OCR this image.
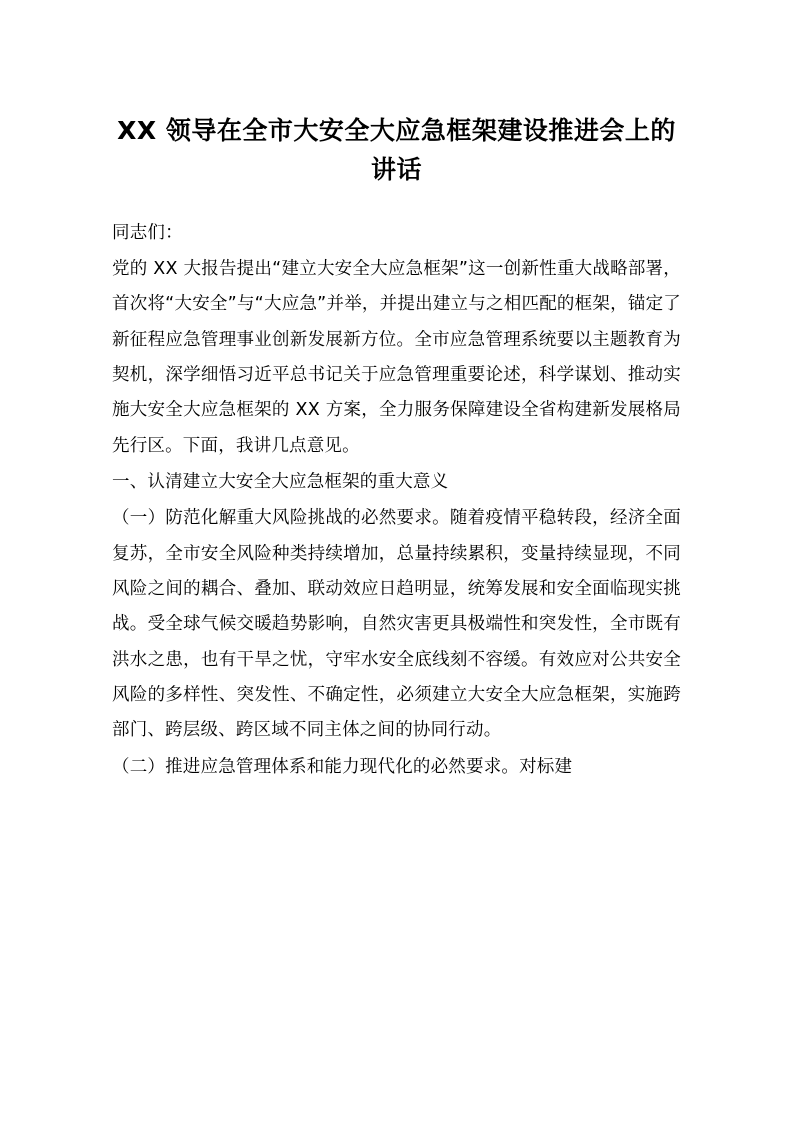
XX 领导在全市大安全大应急框架建设推进会上的讲话

同志们：

党的 XX 大报告提出“建立大安全大应急框架”这一创新性重大战略部署，首次将“大安全”与“大应急”并举，并提出建立与之相匹配的框架，锚定了新征程应急管理事业创新发展新方位。全市应急管理系统要以主题教育为契机，深学细悟习近平总书记关于应急管理重要论述，科学谋划、推动实施大安全大应急框架的 XX 方案，全力服务保障建设全省构建新发展格局先行区。下面，我讲几点意见。

一、认清建立大安全大应急框架的重大意义

（一）防范化解重大风险挑战的必然要求。随着疫情平稳转段，经济全面复苏，全市安全风险种类持续增加，总量持续累积，变量持续显现，不同风险之间的耦合、叠加、联动效应日趋明显，统筹发展和安全面临现实挑战。受全球气候交暖趋势影响，自然灾害更具极端性和突发性，全市既有洪水之患，也有干旱之忧，守牢水安全底线刻不容缓。有效应对公共安全风险的多样性、突发性、不确定性，必须建立大安全大应急框架，实施跨部门、跨层级、跨区域不同主体之间的协同行动。

（二）推进应急管理体系和能力现代化的必然要求。对标建
